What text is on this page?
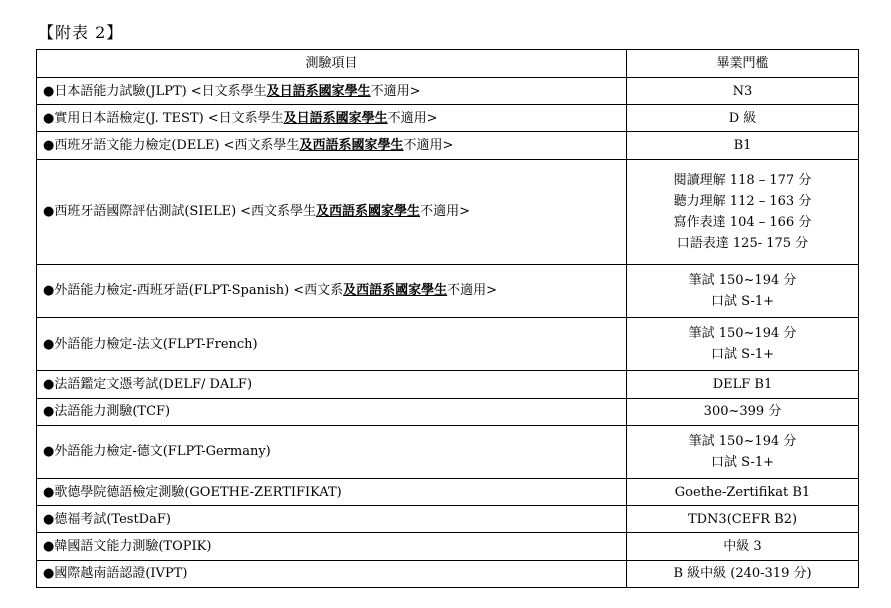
【附表 2】
測驗項目	畢業門檻
●日本語能力試驗(JLPT) <日文系學生及日語系國家學生不適用>	N3

●實用日本語檢定(J. TEST) <日文系學生及日語系國家學生不適用>	D 級

●西班牙語文能力檢定(DELE) <西文系學生及西語系國家學生不適用>	B1

●西班牙語國際評估測試(SIELE) <西文系學生及西語系國家學生不適用>	閱讀理解 118 – 177 分
聽力理解 112 – 163 分
寫作表達 104 – 166 分
口語表達 125- 175 分

●外語能力檢定-西班牙語(FLPT-Spanish) <西文系及西語系國家學生不適用>	筆試 150~194 分
口試 S-1+

●外語能力檢定-法文(FLPT-French)	筆試 150~194 分
口試 S-1+

●法語鑑定文憑考試(DELF/ DALF)	DELF B1

●法語能力測驗(TCF)	300~399 分

●外語能力檢定-德文(FLPT-Germany)	筆試 150~194 分
口試 S-1+

●歌德學院德語檢定測驗(GOETHE-ZERTIFIKAT)	Goethe-Zertifikat B1

●德福考試(TestDaF)	TDN3(CEFR B2)

●韓國語文能力測驗(TOPIK)	中級 3

●國際越南語認證(IVPT)	B 級中級 (240-319 分)
